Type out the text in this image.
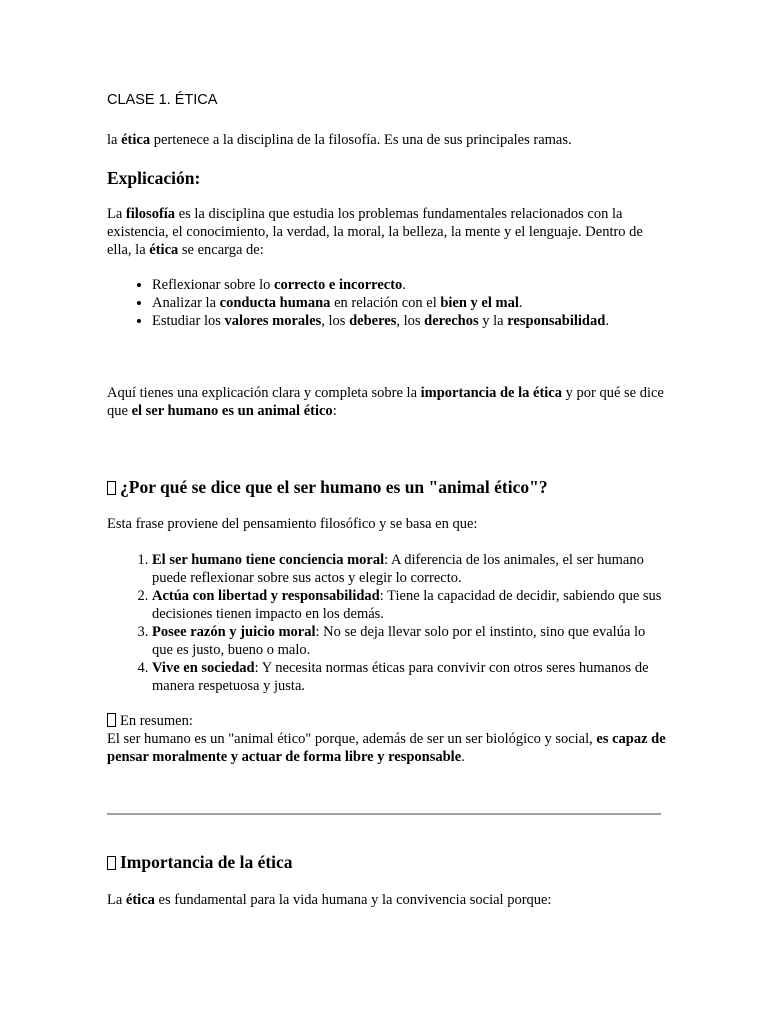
CLASE 1. ÉTICA

la ética pertenece a la disciplina de la filosofía. Es una de sus principales ramas.

Explicación:

La filosofía es la disciplina que estudia los problemas fundamentales relacionados con la existencia, el conocimiento, la verdad, la moral, la belleza, la mente y el lenguaje. Dentro de ella, la ética se encarga de:

• Reflexionar sobre lo correcto e incorrecto.
• Analizar la conducta humana en relación con el bien y el mal.
• Estudiar los valores morales, los deberes, los derechos y la responsabilidad.

Aquí tienes una explicación clara y completa sobre la importancia de la ética y por qué se dice que el ser humano es un animal ético:

¿Por qué se dice que el ser humano es un "animal ético"?

Esta frase proviene del pensamiento filosófico y se basa en que:

1. El ser humano tiene conciencia moral: A diferencia de los animales, el ser humano puede reflexionar sobre sus actos y elegir lo correcto.
2. Actúa con libertad y responsabilidad: Tiene la capacidad de decidir, sabiendo que sus decisiones tienen impacto en los demás.
3. Posee razón y juicio moral: No se deja llevar solo por el instinto, sino que evalúa lo que es justo, bueno o malo.
4. Vive en sociedad: Y necesita normas éticas para convivir con otros seres humanos de manera respetuosa y justa.

En resumen:
El ser humano es un "animal ético" porque, además de ser un ser biológico y social, es capaz de pensar moralmente y actuar de forma libre y responsable.

Importancia de la ética

La ética es fundamental para la vida humana y la convivencia social porque:
